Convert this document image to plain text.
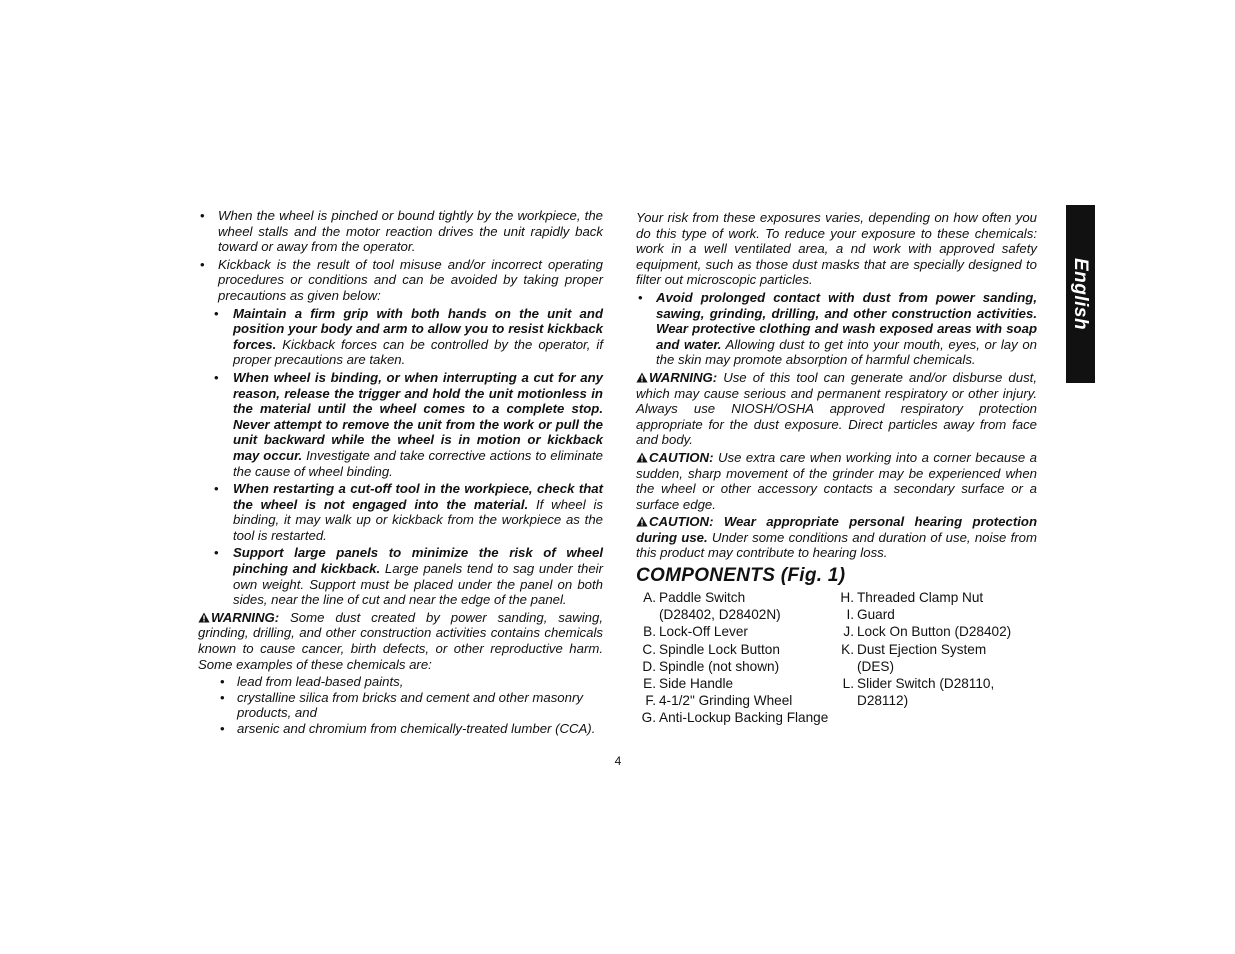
• When the wheel is pinched or bound tightly by the workpiece, the wheel stalls and the motor reaction drives the unit rapidly back toward or away from the operator.
• Kickback is the result of tool misuse and/or incorrect operating procedures or conditions and can be avoided by taking proper precautions as given below:
• Maintain a firm grip with both hands on the unit and position your body and arm to allow you to resist kickback forces. Kickback forces can be controlled by the operator, if proper precautions are taken.
• When wheel is binding, or when interrupting a cut for any reason, release the trigger and hold the unit motionless in the material until the wheel comes to a complete stop. Never attempt to remove the unit from the work or pull the unit backward while the wheel is in motion or kickback may occur. Investigate and take corrective actions to eliminate the cause of wheel binding.
• When restarting a cut-off tool in the workpiece, check that the wheel is not engaged into the material. If wheel is binding, it may walk up or kickback from the workpiece as the tool is restarted.
• Support large panels to minimize the risk of wheel pinching and kickback. Large panels tend to sag under their own weight. Support must be placed under the panel on both sides, near the line of cut and near the edge of the panel.
WARNING: Some dust created by power sanding, sawing, grinding, drilling, and other construction activities contains chemicals known to cause cancer, birth defects, or other reproductive harm. Some examples of these chemicals are:
• lead from lead-based paints,
• crystalline silica from bricks and cement and other masonry products, and
• arsenic and chromium from chemically-treated lumber (CCA).
Your risk from these exposures varies, depending on how often you do this type of work. To reduce your exposure to these chemicals: work in a well ventilated area, a nd work with approved safety equipment, such as those dust masks that are specially designed to filter out microscopic particles.
• Avoid prolonged contact with dust from power sanding, sawing, grinding, drilling, and other construction activities. Wear protective clothing and wash exposed areas with soap and water. Allowing dust to get into your mouth, eyes, or lay on the skin may promote absorption of harmful chemicals.
WARNING: Use of this tool can generate and/or disburse dust, which may cause serious and permanent respiratory or other injury. Always use NIOSH/OSHA approved respiratory protection appropriate for the dust exposure. Direct particles away from face and body.
CAUTION: Use extra care when working into a corner because a sudden, sharp movement of the grinder may be experienced when the wheel or other accessory contacts a secondary surface or a surface edge.
CAUTION: Wear appropriate personal hearing protection during use. Under some conditions and duration of use, noise from this product may contribute to hearing loss.
COMPONENTS (Fig. 1)
A. Paddle Switch
(D28402, D28402N)
B. Lock-Off Lever
C. Spindle Lock Button
D. Spindle (not shown)
E. Side Handle
F. 4-1/2" Grinding Wheel
G. Anti-Lockup Backing Flange
H. Threaded Clamp Nut
I. Guard
J. Lock On Button (D28402)
K. Dust Ejection System
(DES)
L. Slider Switch (D28110,
D28112)
English
4
